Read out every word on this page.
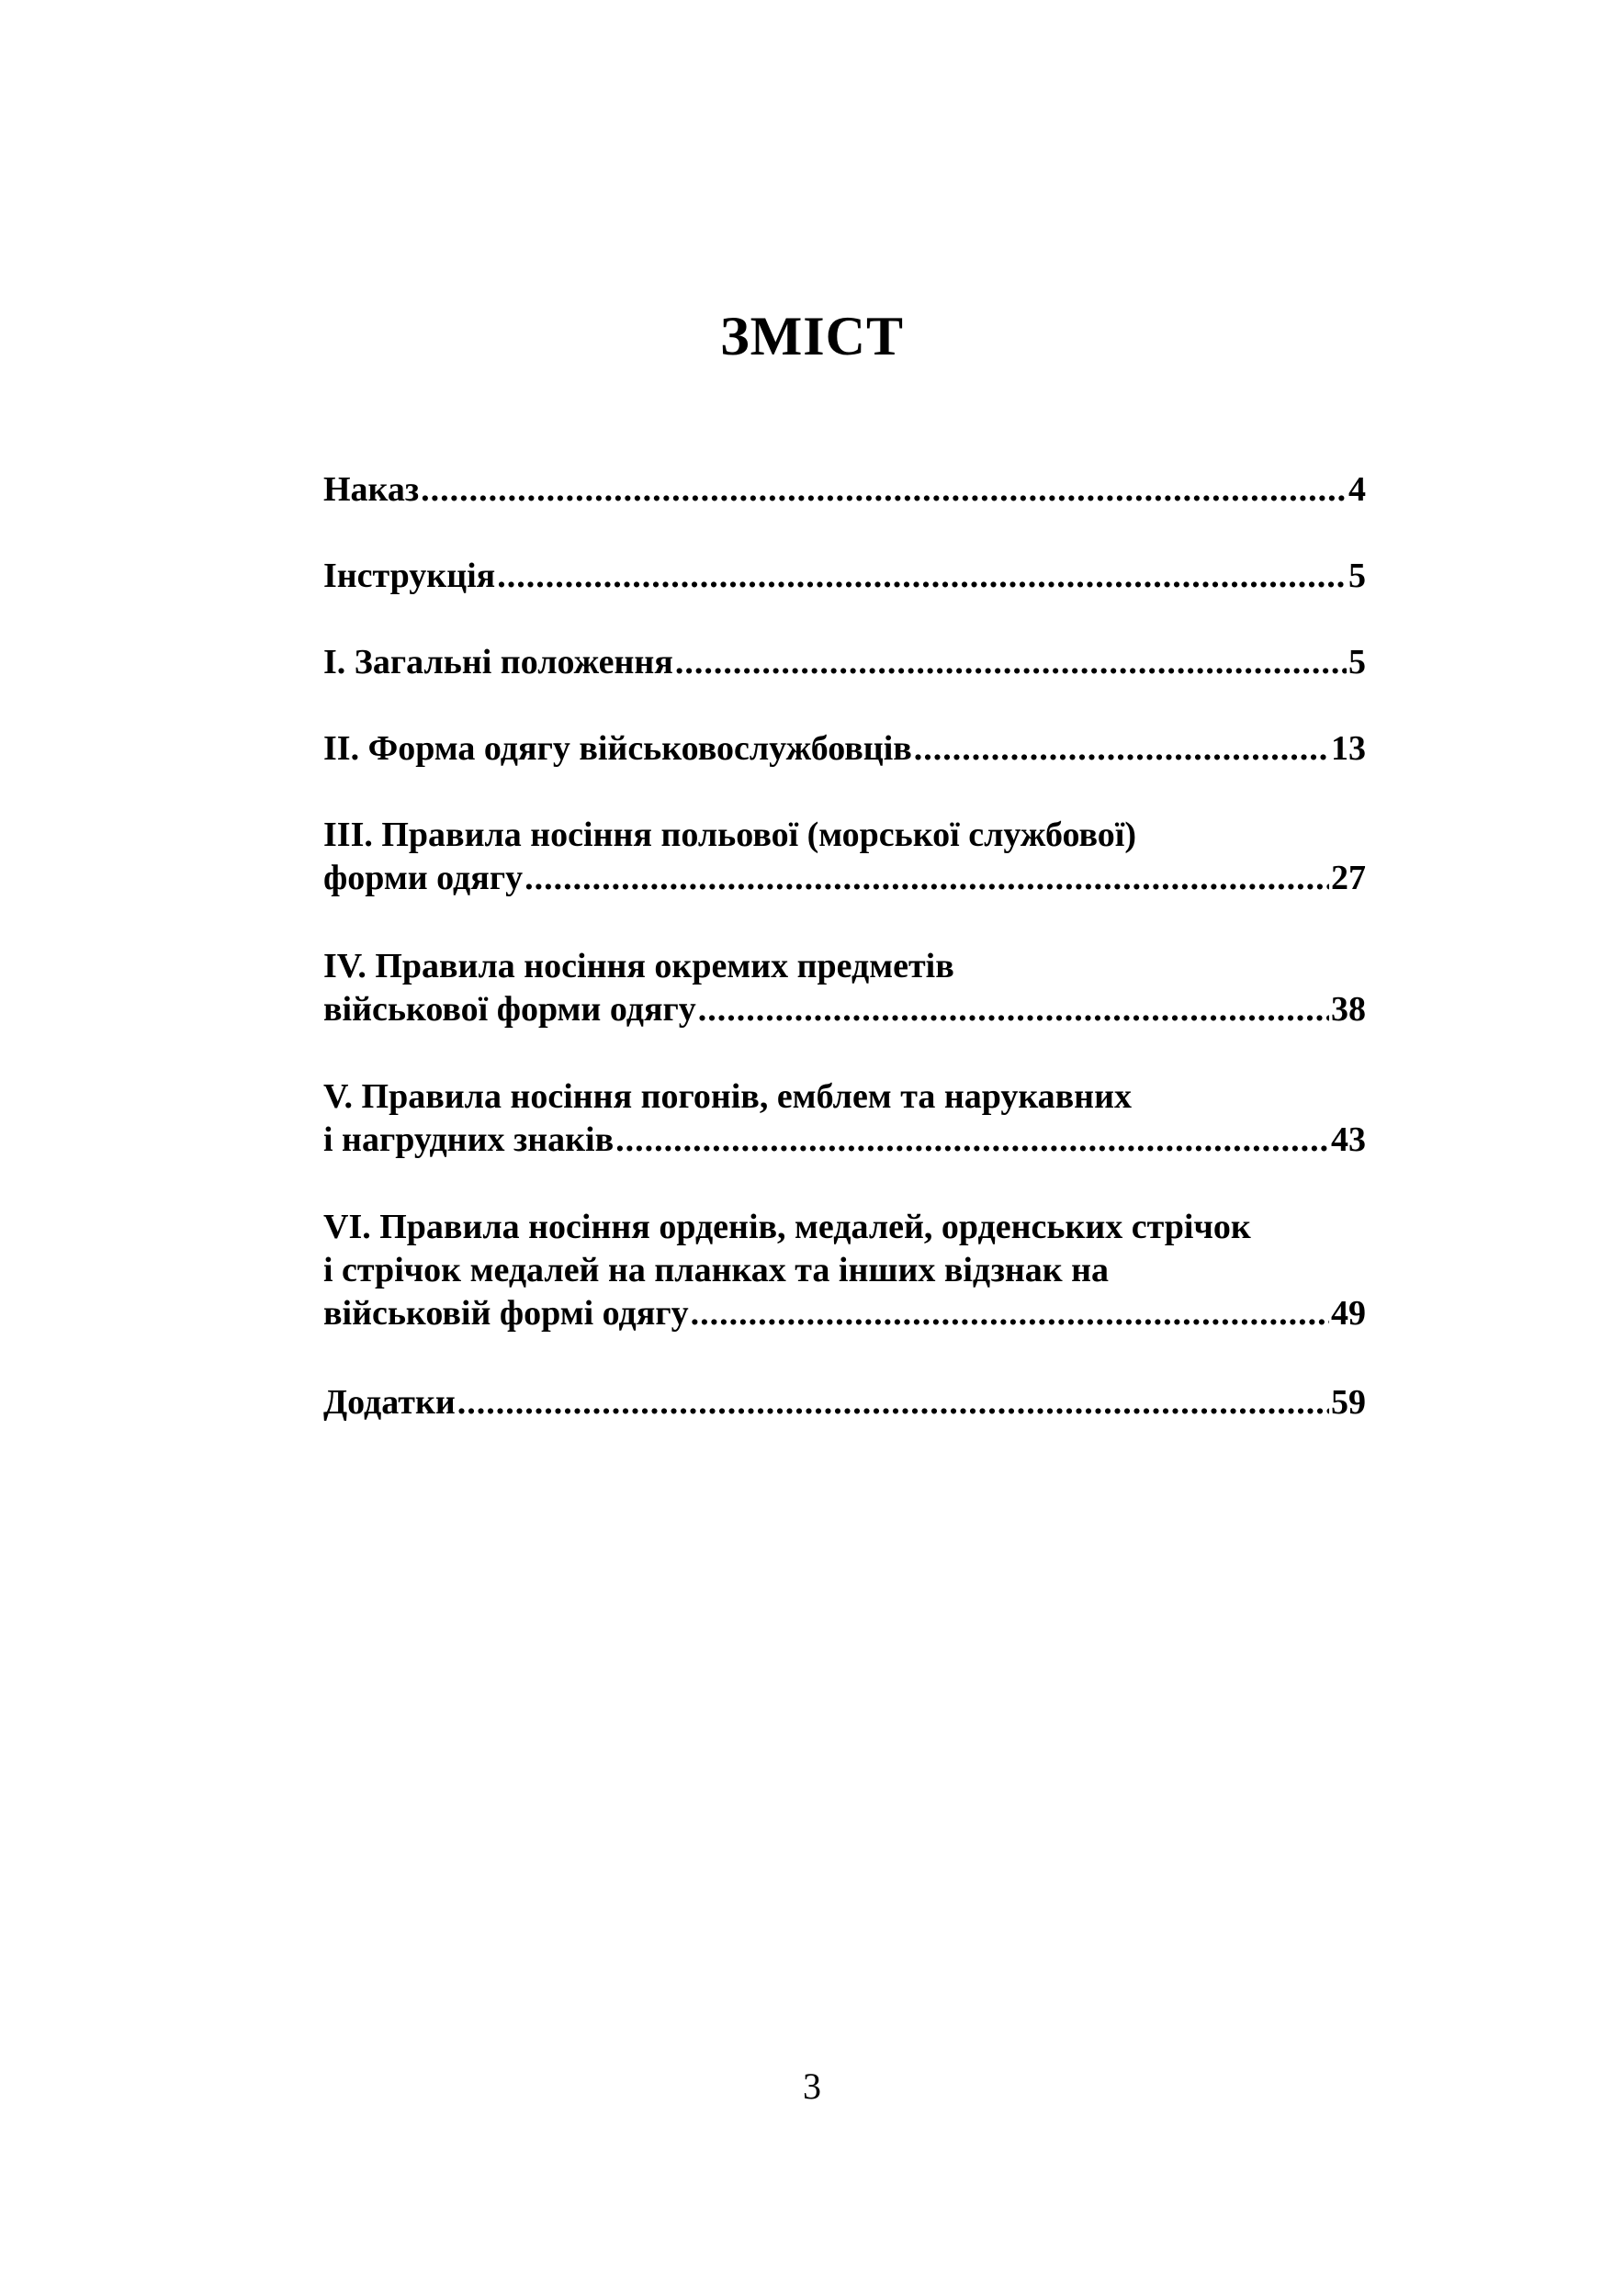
ЗМІСТ
Наказ .....	4
Інструкція .....	5
І. Загальні положення .....	5
ІІ. Форма одягу військовослужбовців .....	13
ІІІ. Правила носіння польової (морської службової)
форми одягу .....	27
IV. Правила носіння окремих предметів
військової форми одягу .....	38
V. Правила носіння погонів, емблем та нарукавних
і нагрудних знаків .....	43
VІ. Правила носіння орденів, медалей, орденських стрічок
і стрічок медалей на планках та інших відзнак на
військовій формі одягу .....	49
Додатки .....	59
3
